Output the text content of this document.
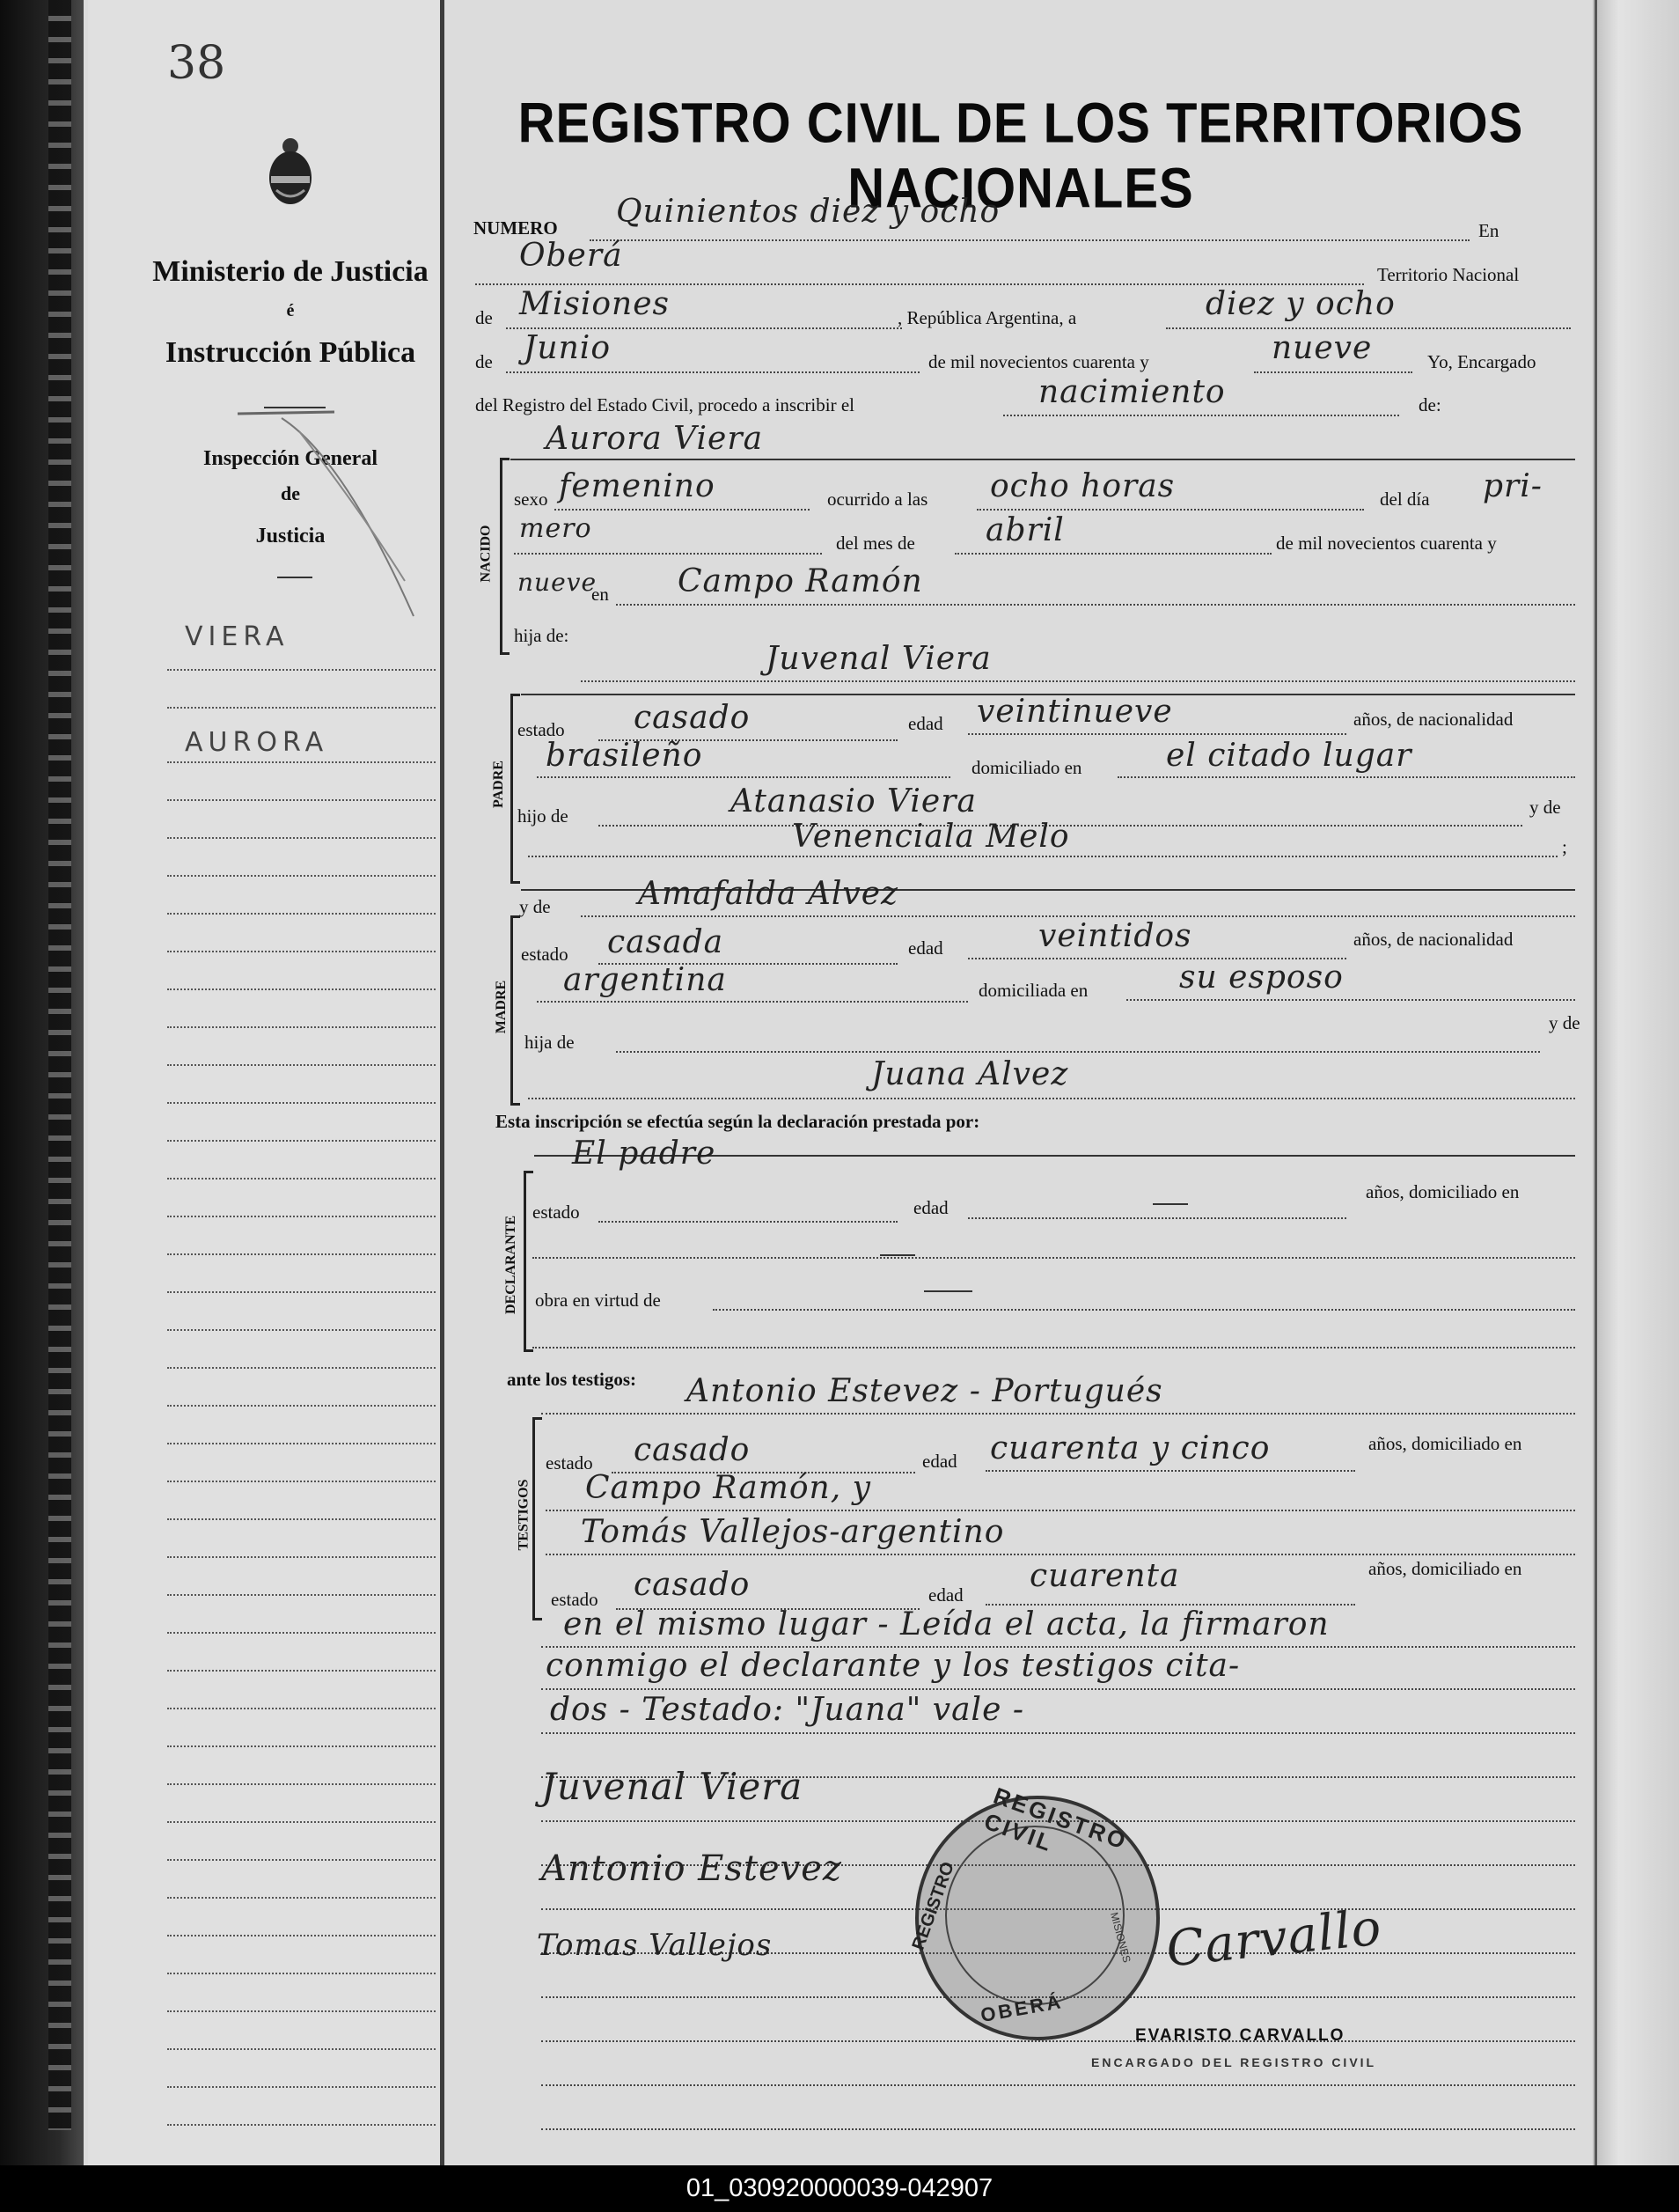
38
Ministerio de Justicia
é
Instrucción Pública
Inspección General
de
Justicia
VIERA
AURORA
REGISTRO CIVIL DE LOS TERRITORIOS NACIONALES
NUMERO Quinientos diez y ocho
En
Oberá
Territorio Nacional
de Misiones	, República Argentina, a	diez y ocho
de Junio	de mil novecientos cuarenta y	nueve	Yo, Encargado
del Registro del Estado Civil, procedo a inscribir el	nacimiento	de:
NACIDO
Aurora Viera
sexo femenino	ocurrido a las ocho horas	del día pri-
mero	del mes de abril	de mil novecientos cuarenta y
nueve
en Campo Ramón
hija de:
Juvenal Viera
PADRE
estado casado	edad veintinueve	años, de nacionalidad
brasileño	domiciliado en	el citado lugar
hijo de	Atanasio Viera	y de
Venenciala Melo	;
MADRE
y de	Amafalda Alvez
estado casada	edad	veintidos	años, de nacionalidad
argentina	domiciliada en	su esposo
hija de
y de
Juana Alvez
Esta inscripción se efectúa según la declaración prestada por:
DECLARANTE
El padre
estado	edad
años, domiciliado en
obra en virtud de
ante los testigos: Antonio Estevez - Portugués
TESTIGOS
estado casado	edad cuarenta y cinco	años, domiciliado en
Campo Ramón, y
Tomás Vallejos-argentino
estado casado	edad
cuarenta	años, domiciliado en
en el mismo lugar - Leída el acta, la firmaron
conmigo el declarante y los testigos cita-
dos - Testado: "Juana" vale -
Juvenal Viera
Antonio Estevez
Tomas Vallejos	Carvallo
REGISTRO CIVIL
REGISTRO
OBERÁ
MISIONES
EVARISTO CARVALLO
ENCARGADO DEL REGISTRO CIVIL
01_030920000039-042907
